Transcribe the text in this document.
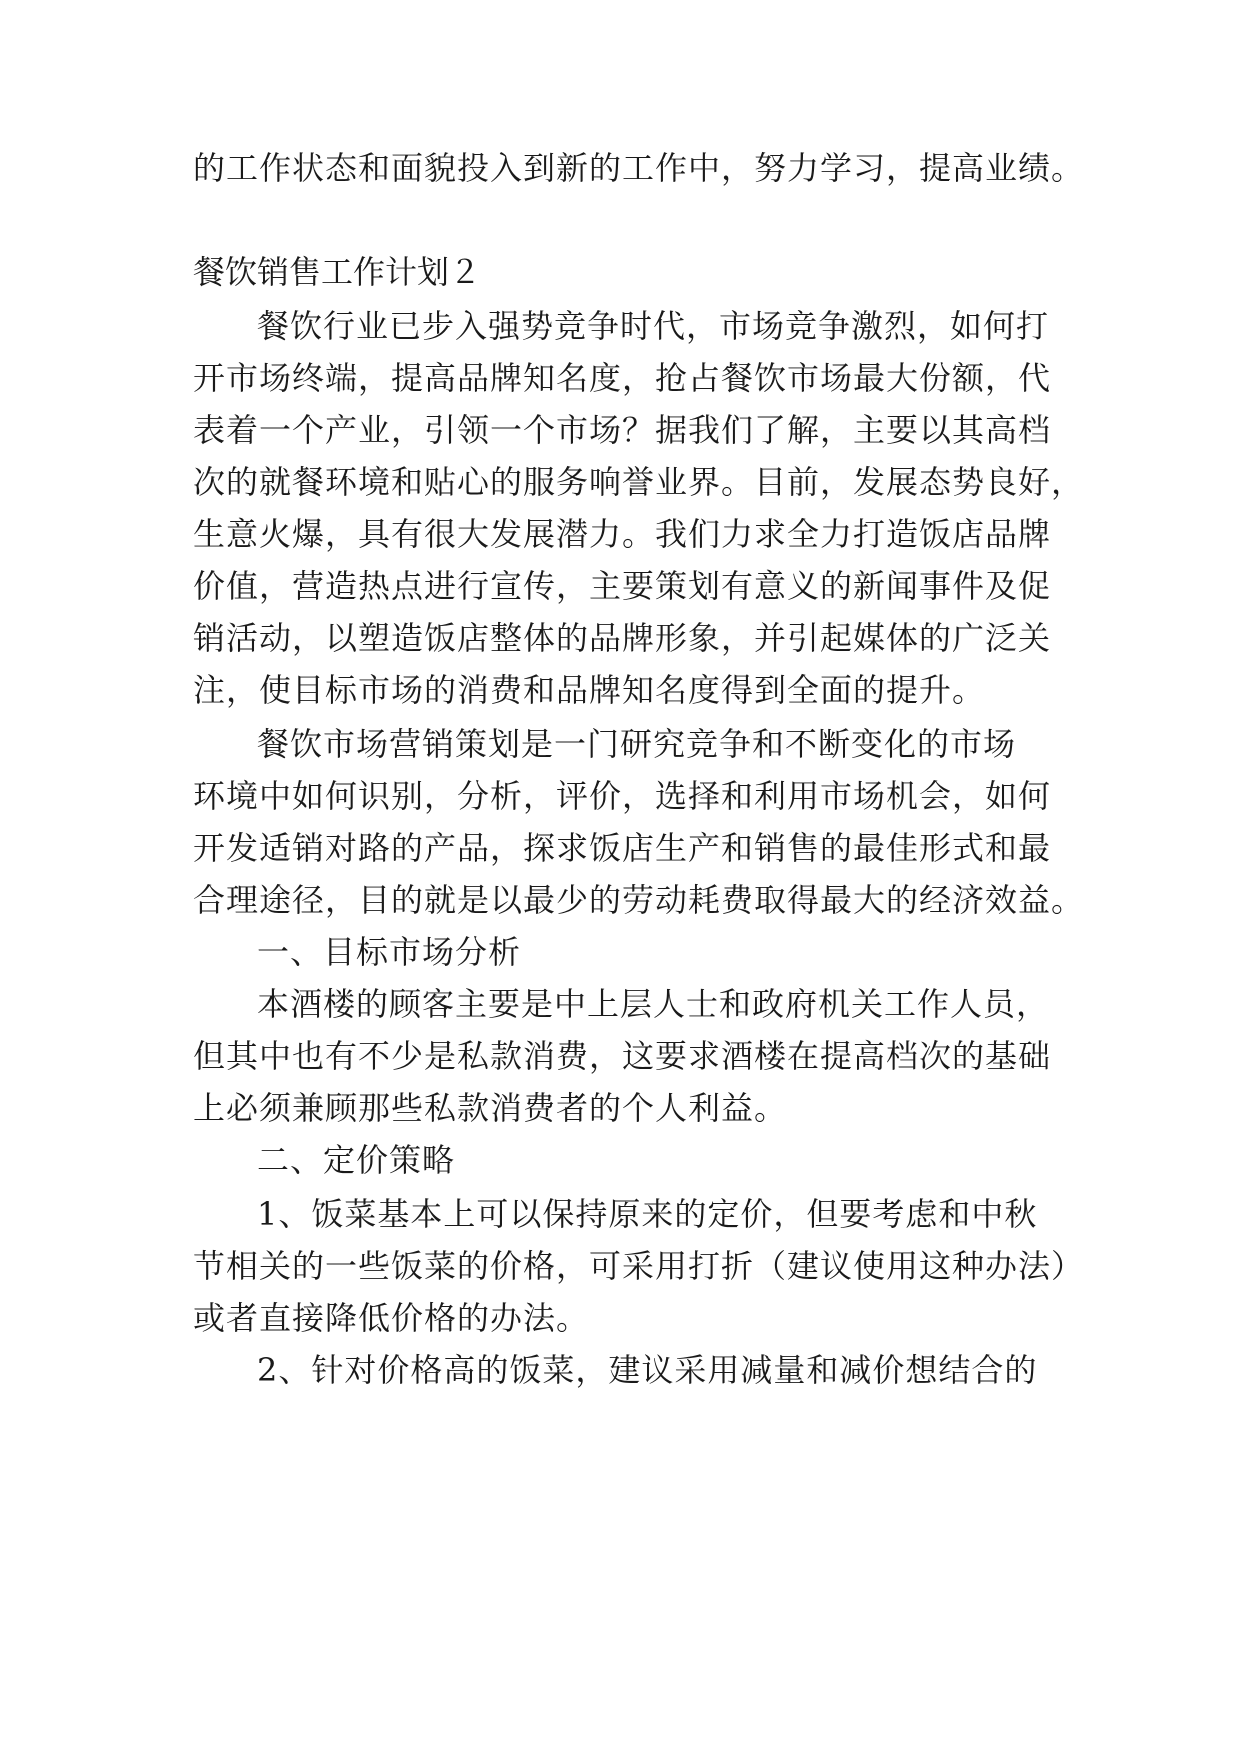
的工作状态和面貌投入到新的工作中，努力学习，提高业绩。
餐饮销售工作计划２
餐饮行业已步入强势竞争时代，市场竞争激烈，如何打
开市场终端，提高品牌知名度，抢占餐饮市场最大份额，代
表着一个产业，引领一个市场？据我们了解，主要以其高档
次的就餐环境和贴心的服务响誉业界。目前，发展态势良好，
生意火爆，具有很大发展潜力。我们力求全力打造饭店品牌
价值，营造热点进行宣传，主要策划有意义的新闻事件及促
销活动，以塑造饭店整体的品牌形象，并引起媒体的广泛关
注，使目标市场的消费和品牌知名度得到全面的提升。
餐饮市场营销策划是一门研究竞争和不断变化的市场
环境中如何识别，分析，评价，选择和利用市场机会，如何
开发适销对路的产品，探求饭店生产和销售的最佳形式和最
合理途径，目的就是以最少的劳动耗费取得最大的经济效益。
一、目标市场分析
本酒楼的顾客主要是中上层人士和政府机关工作人员，
但其中也有不少是私款消费，这要求酒楼在提高档次的基础
上必须兼顾那些私款消费者的个人利益。
二、定价策略
1、饭菜基本上可以保持原来的定价，但要考虑和中秋
节相关的一些饭菜的价格，可采用打折（建议使用这种办法）
或者直接降低价格的办法。
2、针对价格高的饭菜，建议采用减量和减价想结合的
